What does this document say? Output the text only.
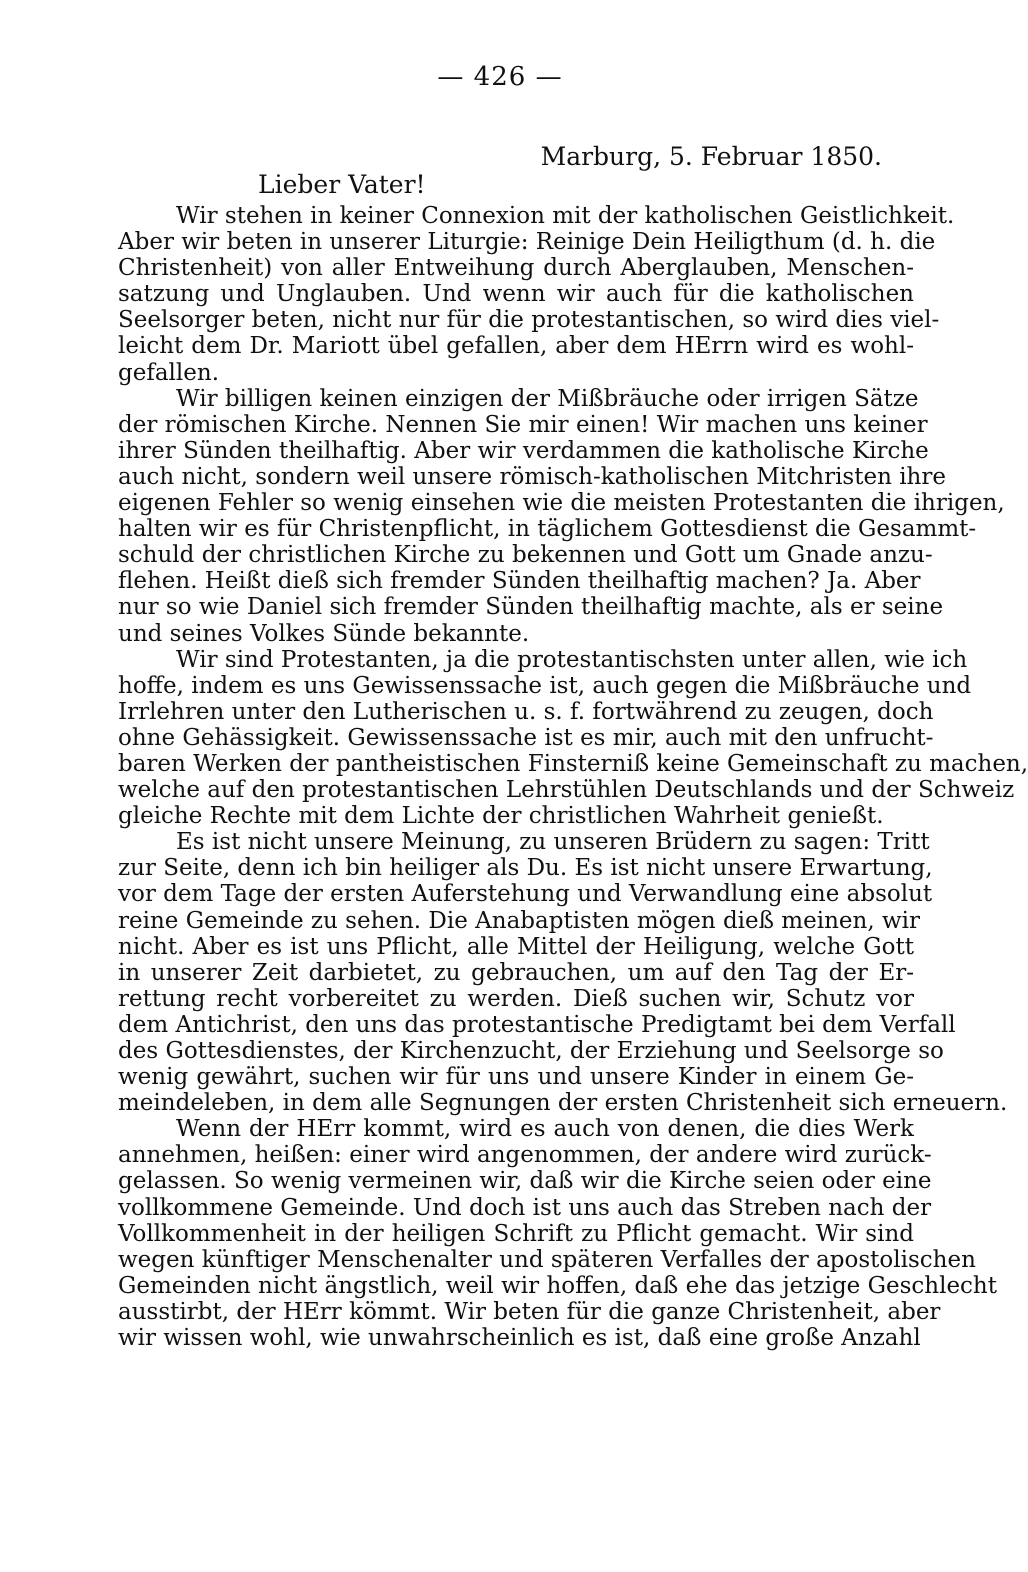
— 426 —
Marburg, 5. Februar 1850.
Lieber Vater!
Wir stehen in keiner Connexion mit der katholischen Geistlichkeit.
Aber wir beten in unserer Liturgie: Reinige Dein Heiligthum (d. h. die
Christenheit) von aller Entweihung durch Aberglauben, Menschen-
satzung und Unglauben. Und wenn wir auch für die katholischen
Seelsorger beten, nicht nur für die protestantischen, so wird dies viel-
leicht dem Dr. Mariott übel gefallen, aber dem HErrn wird es wohl-
gefallen.
Wir billigen keinen einzigen der Mißbräuche oder irrigen Sätze
der römischen Kirche. Nennen Sie mir einen! Wir machen uns keiner
ihrer Sünden theilhaftig. Aber wir verdammen die katholische Kirche
auch nicht, sondern weil unsere römisch-katholischen Mitchristen ihre
eigenen Fehler so wenig einsehen wie die meisten Protestanten die ihrigen,
halten wir es für Christenpflicht, in täglichem Gottesdienst die Gesammt-
schuld der christlichen Kirche zu bekennen und Gott um Gnade anzu-
flehen. Heißt dieß sich fremder Sünden theilhaftig machen? Ja. Aber
nur so wie Daniel sich fremder Sünden theilhaftig machte, als er seine
und seines Volkes Sünde bekannte.
Wir sind Protestanten, ja die protestantischsten unter allen, wie ich
hoffe, indem es uns Gewissenssache ist, auch gegen die Mißbräuche und
Irrlehren unter den Lutherischen u. s. f. fortwährend zu zeugen, doch
ohne Gehässigkeit. Gewissenssache ist es mir, auch mit den unfrucht-
baren Werken der pantheistischen Finsterniß keine Gemeinschaft zu machen,
welche auf den protestantischen Lehrstühlen Deutschlands und der Schweiz
gleiche Rechte mit dem Lichte der christlichen Wahrheit genießt.
Es ist nicht unsere Meinung, zu unseren Brüdern zu sagen: Tritt
zur Seite, denn ich bin heiliger als Du. Es ist nicht unsere Erwartung,
vor dem Tage der ersten Auferstehung und Verwandlung eine absolut
reine Gemeinde zu sehen. Die Anabaptisten mögen dieß meinen, wir
nicht. Aber es ist uns Pflicht, alle Mittel der Heiligung, welche Gott
in unserer Zeit darbietet, zu gebrauchen, um auf den Tag der Er-
rettung recht vorbereitet zu werden. Dieß suchen wir, Schutz vor
dem Antichrist, den uns das protestantische Predigtamt bei dem Verfall
des Gottesdienstes, der Kirchenzucht, der Erziehung und Seelsorge so
wenig gewährt, suchen wir für uns und unsere Kinder in einem Ge-
meindeleben, in dem alle Segnungen der ersten Christenheit sich erneuern.
Wenn der HErr kommt, wird es auch von denen, die dies Werk
annehmen, heißen: einer wird angenommen, der andere wird zurück-
gelassen. So wenig vermeinen wir, daß wir die Kirche seien oder eine
vollkommene Gemeinde. Und doch ist uns auch das Streben nach der
Vollkommenheit in der heiligen Schrift zu Pflicht gemacht. Wir sind
wegen künftiger Menschenalter und späteren Verfalles der apostolischen
Gemeinden nicht ängstlich, weil wir hoffen, daß ehe das jetzige Geschlecht
ausstirbt, der HErr kömmt. Wir beten für die ganze Christenheit, aber
wir wissen wohl, wie unwahrscheinlich es ist, daß eine große Anzahl
